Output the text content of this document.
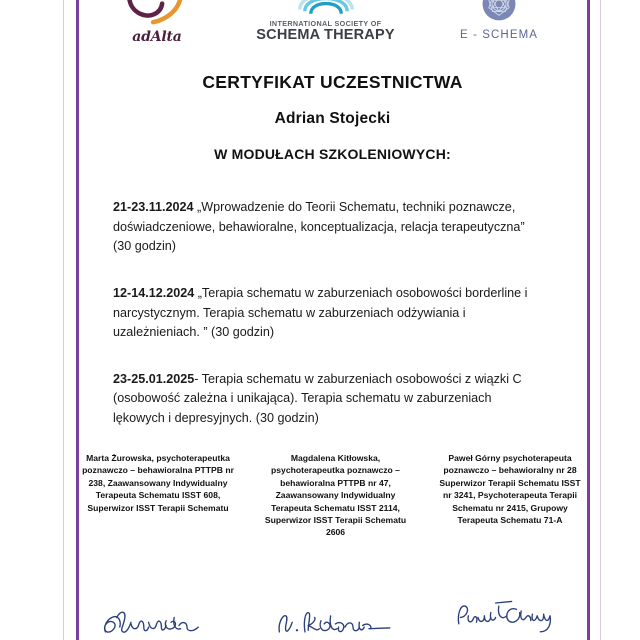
adAlta
INTERNATIONAL SOCIETY OF
SCHEMA THERAPY	E - SCHEMA
CERTYFIKAT UCZESTNICTWA
Adrian Stojecki
W MODUŁACH SZKOLENIOWYCH:

21-23.11.2024 „Wprowadzenie do Teorii Schematu, techniki poznawcze, doświadczeniowe, behawioralne, konceptualizacja, relacja terapeutyczna” (30 godzin)

12-14.12.2024 „Terapia schematu w zaburzeniach osobowości borderline i narcystycznym. Terapia schematu w zaburzeniach odżywiania i uzależnieniach. ” (30 godzin)

23-25.01.2025- Terapia schematu w zaburzeniach osobowości z wiązki C (osobowość zależna i unikająca). Terapia schematu w zaburzeniach lękowych i depresyjnych. (30 godzin)

Marta Żurowska, psychoterapeutka poznawczo – behawioralna PTTPB nr 238, Zaawansowany Indywidualny Terapeuta Schematu ISST 608, Superwizor ISST Terapii Schematu
Magdalena Kitłowska, psychoterapeutka poznawczo – behawioralna PTTPB nr 47, Zaawansowany Indywidualny Terapeuta Schematu ISST 2114, Superwizor ISST Terapii Schematu 2606
Paweł Górny psychoterapeuta poznawczo – behawioralny nr 28 Superwizor Terapii Schematu ISST nr 3241, Psychoterapeuta Terapii Schematu nr 2415, Grupowy Terapeuta Schematu 71-A
